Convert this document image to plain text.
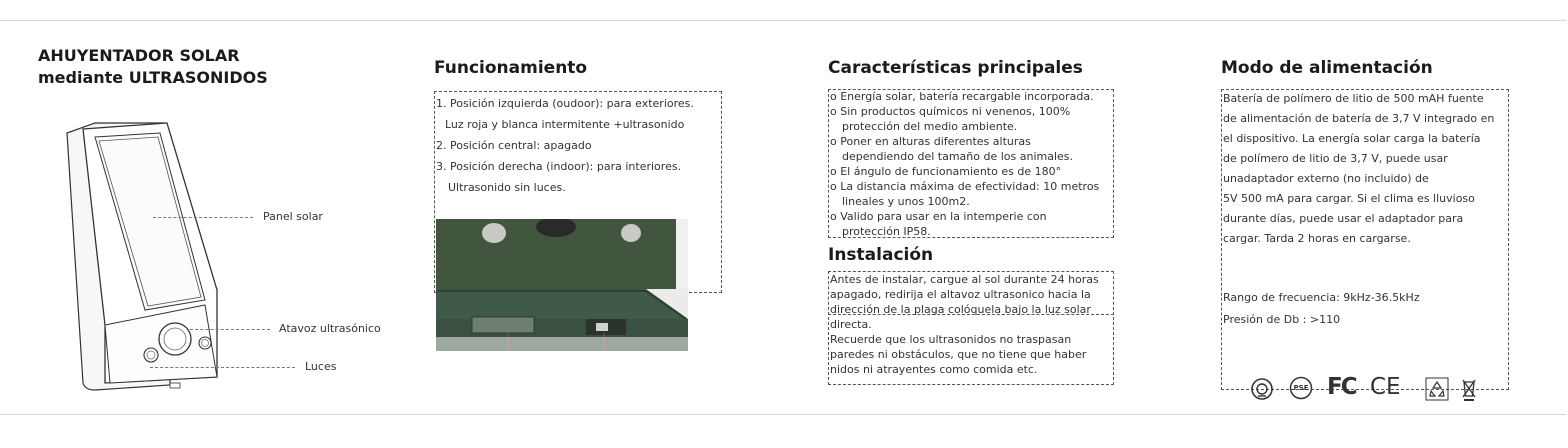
AHUYENTADOR SOLAR
mediante ULTRASONIDOS
Panel solar
Atavoz ultrasónico
Luces
Funcionamiento

1. Posición izquierda (oudoor): para exteriores.

Luz roja y blanca intermitente +ultrasonido

2. Posición central: apagado

3. Posición derecha (indoor): para interiores.

Ultrasonido sin luces.

Características principales

o Energía solar, batería recargable incorporada.

o Sin productos químicos ni venenos, 100%

protección del medio ambiente.

o Poner en alturas diferentes alturas

dependiendo del tamaño de los animales.

o El ángulo de funcionamiento es de 180°

o La distancia máxima de efectividad: 10 metros

lineales y unos 100m2.

o Valido para usar en la intemperie con

protección IP58.

Instalación

Antes de instalar, cargue al sol durante 24 horas

apagado, redirija el altavoz ultrasonico hacia la

dirección de la plaga colóquela bajo la luz solar

directa.

Recuerde que los ultrasonidos no traspasan

paredes ni obstáculos, que no tiene que haber

nidos ni atrayentes como comida etc.

Modo de alimentación

Batería de polímero de litio de 500 mAH fuente

de alimentación de batería de 3,7 V integrado en

el dispositivo. La energía solar carga la batería

de polímero de litio de 3,7 V, puede usar

unadaptador externo (no incluido) de

5V 500 mA para cargar. Si el clima es lluvioso

durante días, puede usar el adaptador para

cargar. Tarda 2 horas en cargarse.

Rango de frecuencia: 9kHz-36.5kHz
Presión de Db : >110
PSE FC CE
